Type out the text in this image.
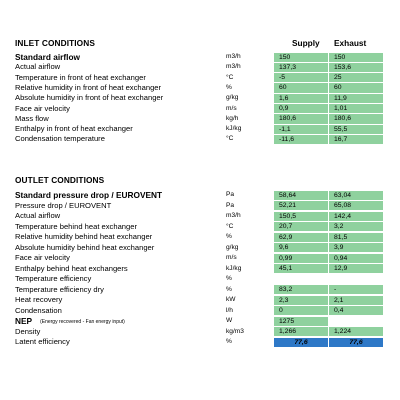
INLET CONDITIONS	Supply Exhaust
Standard airflow	m3/h	150	150
Actual airflow	m3/h	137,3	153,6
Temperature in front of heat exchanger	°C	-5	25
Relative humidity in front of heat exchanger	%	60	60
Absolute humidity in front of heat exchanger	g/kg	1,6	11,9
Face air velocity	m/s	0,9	1,01
Mass flow	kg/h	180,6	180,6
Enthalpy in front of heat exchanger	kJ/kg	-1,1	55,5
Condensation temperature	°C	-11,6	16,7
OUTLET CONDITIONS
Standard pressure drop / EUROVENT	Pa	58,64	63,04
Pressure drop / EUROVENT	Pa	52,21	65,08
Actual airflow	m3/h	150,5	142,4
Temperature behind heat exchanger	°C	20,7	3,2
Relative humidity behind heat exchanger	%	62,9	81,5
Absolute humidity behind heat exchanger	g/kg	9,6	3,9
Face air velocity	m/s	0,99	0,94
Enthalpy behind heat exchangers	kJ/kg	45,1	12,9
Temperature efficiency	%
Temperature efficiency dry	%	83,2	-
Heat recovery	kW	2,3	2,1
Condensation	l/h	0	0,4
NEP $^{(Energy recovered - Fan energy input)}$	W	1275
Density	kg/m3	1,266	1,224
Latent efficiency	%	77,6	77,6
